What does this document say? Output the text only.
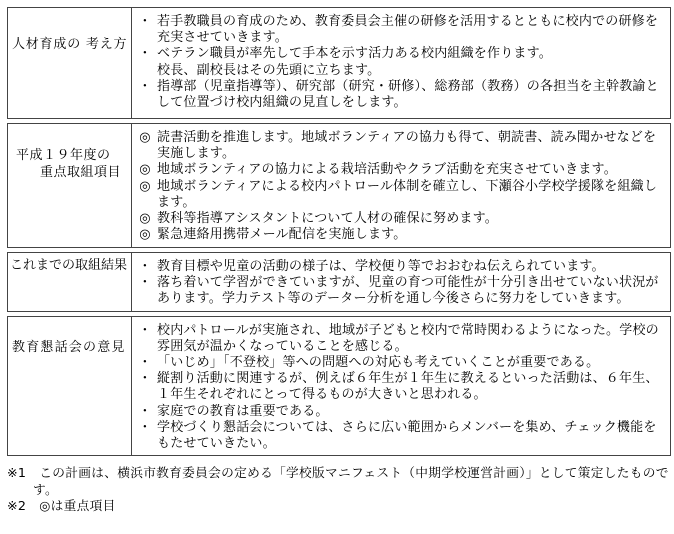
人材育成の 考え方
・ 若手教職員の育成のため、教育委員会主催の研修を活用するとともに校内での研修を充実させていきます。
・ ベテラン職員が率先して手本を示す活力ある校内組織を作ります。
校長、副校長はその先頭に立ちます。
・ 指導部（児童指導等）、研究部（研究・研修）、総務部（教務）の各担当を主幹教諭として位置づけ校内組織の見直しをします。
平成１９年度の
重点取組項目
◎ 読書活動を推進します。地域ボランティアの協力も得て、朝読書、読み聞かせなどを実施します。
◎ 地域ボランティアの協力による栽培活動やクラブ活動を充実させていきます。
◎ 地域ボランティアによる校内パトロール体制を確立し、下瀬谷小学校学援隊を組織します。
◎ 教科等指導アシスタントについて人材の確保に努めます。
◎ 緊急連絡用携帯メール配信を実施します。
これまでの取組結果 ・ 教育目標や児童の活動の様子は、学校便り等でおおむね伝えられています。
・ 落ち着いて学習ができていますが、児童の育つ可能性が十分引き出せていない状況があります。学力テスト等のデーター分析を通し今後さらに努力をしていきます。
教育懇話会の意見
・ 校内パトロールが実施され、地域が子どもと校内で常時関わるようになった。学校の雰囲気が温かくなっていることを感じる。
・ 「いじめ」「不登校」等への問題への対応も考えていくことが重要である。
・ 縦割り活動に関連するが、例えば６年生が１年生に教えるといった活動は、６年生、１年生それぞれにとって得るものが大きいと思われる。
・ 家庭での教育は重要である。
・ 学校づくり懇話会については、さらに広い範囲からメンバーを集め、チェック機能をもたせていきたい。
※1　この計画は、横浜市教育委員会の定める「学校版マニフェスト（中期学校運営計画）」として策定したものです。
※2　◎は重点項目
